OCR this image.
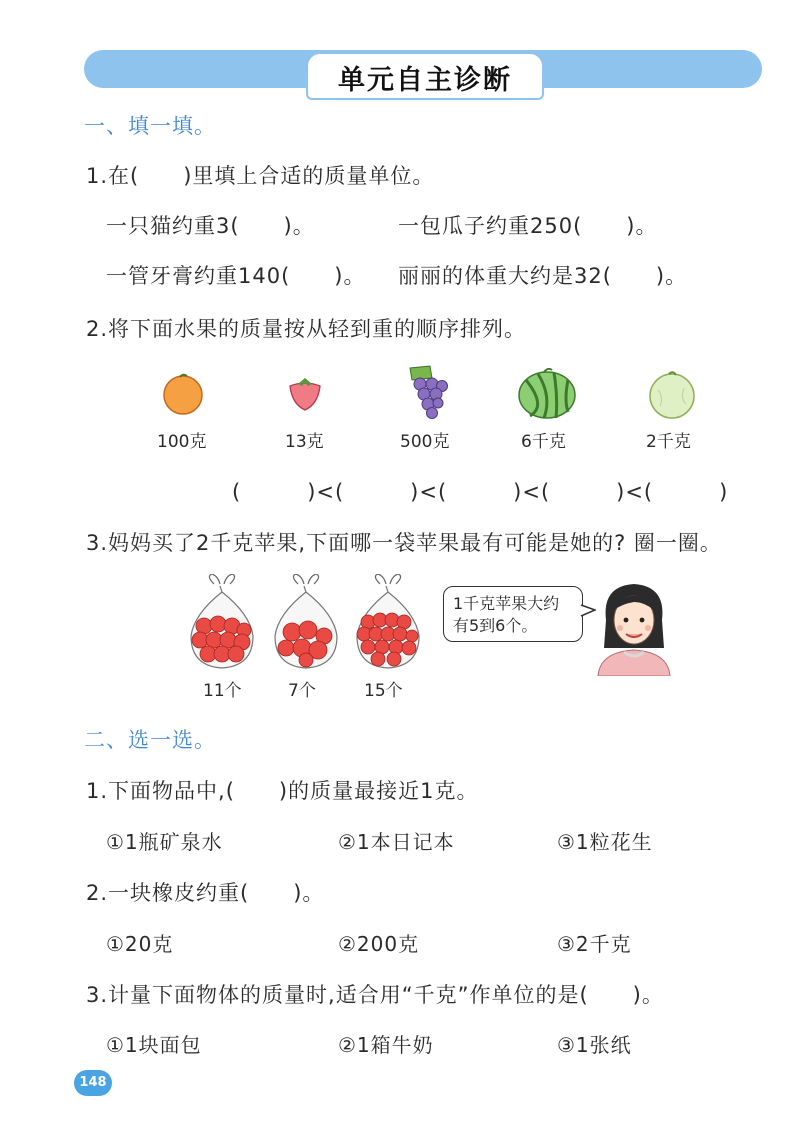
单元自主诊断
一、填一填。
1.在(　　)里填上合适的质量单位。
一只猫约重3(　　)。	一包瓜子约重250(　　)。
一管牙膏约重140(　　)。 丽丽的体重大约是32(　　)。
2.将下面水果的质量按从轻到重的顺序排列。
100克	13克	500克	6千克	2千克
(　　　)<(　　　)<(　　　)<(　　　)<(　　　)
3.妈妈买了2千克苹果,下面哪一袋苹果最有可能是她的? 圈一圈。
11个	7个	15个
1千克苹果大约
有5到6个。
二、选一选。
1.下面物品中,(　　)的质量最接近1克。
①1瓶矿泉水	②1本日记本	③1粒花生
2.一块橡皮约重(　　)。
①20克	②200克	③2千克
3.计量下面物体的质量时,适合用“千克”作单位的是(　　)。
①1块面包	②1箱牛奶	③1张纸
148
